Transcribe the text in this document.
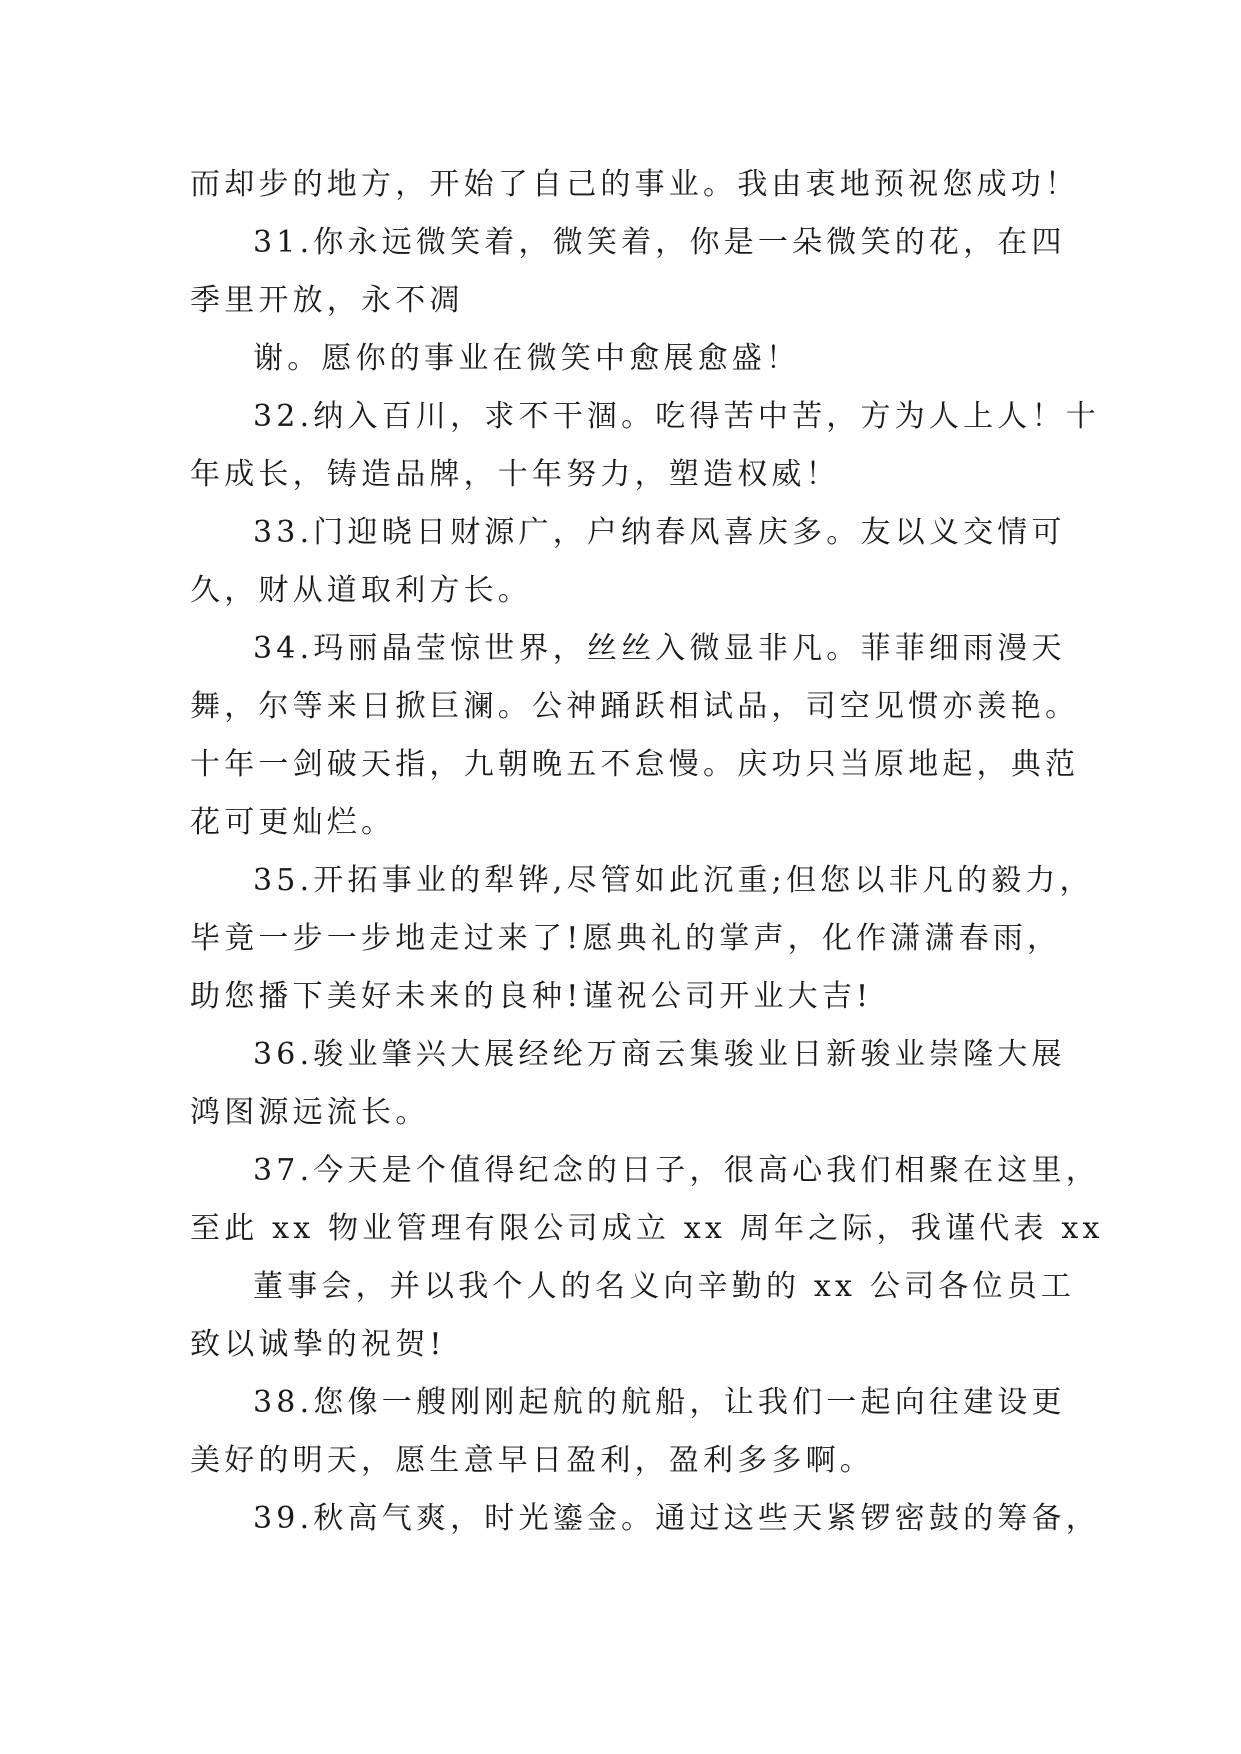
而却步的地方，开始了自己的事业。我由衷地预祝您成功！
31.你永远微笑着，微笑着，你是一朵微笑的花，在四
季里开放，永不凋
谢。愿你的事业在微笑中愈展愈盛！
32.纳入百川，求不干涸。吃得苦中苦，方为人上人！十
年成长，铸造品牌，十年努力，塑造权威！
33.门迎晓日财源广，户纳春风喜庆多。友以义交情可
久，财从道取利方长。
34.玛丽晶莹惊世界，丝丝入微显非凡。菲菲细雨漫天
舞，尔等来日掀巨澜。公神踊跃相试品，司空见惯亦羡艳。
十年一剑破天指，九朝晚五不怠慢。庆功只当原地起，典范
花可更灿烂。
35.开拓事业的犁铧,尽管如此沉重;但您以非凡的毅力，
毕竟一步一步地走过来了!愿典礼的掌声，化作潇潇春雨，
助您播下美好未来的良种!谨祝公司开业大吉!
36.骏业肇兴大展经纶万商云集骏业日新骏业崇隆大展
鸿图源远流长。
37.今天是个值得纪念的日子，很高心我们相聚在这里，
至此 xx 物业管理有限公司成立 xx 周年之际，我谨代表 xx
董事会，并以我个人的名义向辛勤的 xx 公司各位员工
致以诚挚的祝贺!
38.您像一艘刚刚起航的航船，让我们一起向往建设更
美好的明天，愿生意早日盈利，盈利多多啊。
39.秋高气爽，时光鎏金。通过这些天紧锣密鼓的筹备，
